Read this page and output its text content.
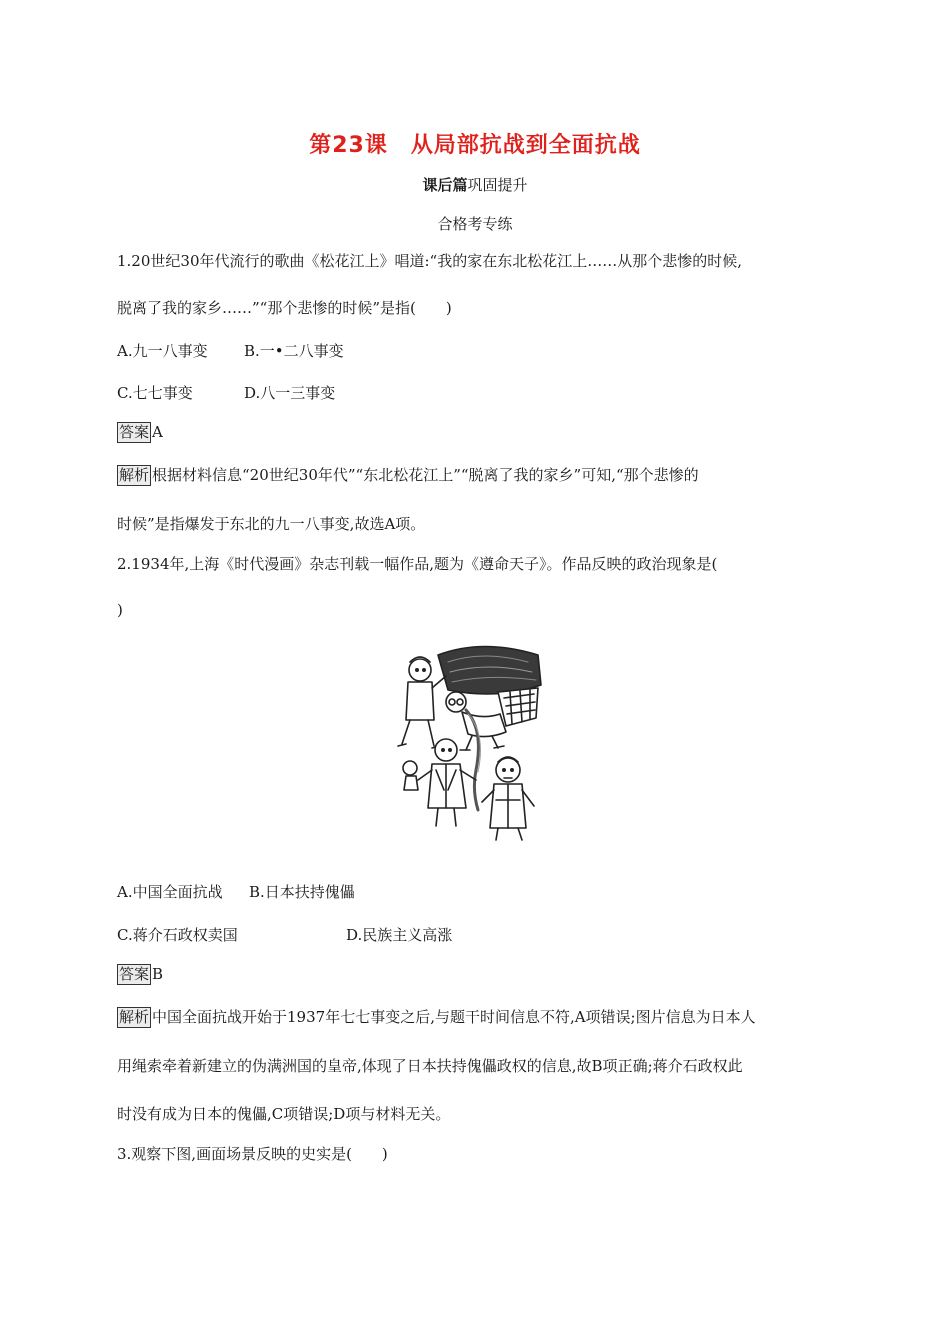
第23课　从局部抗战到全面抗战
课后篇巩固提升
合格考专练
1.20世纪30年代流行的歌曲《松花江上》唱道:“我的家在东北松花江上……从那个悲惨的时候,
脱离了我的家乡……”“那个悲惨的时候”是指(　　)
A.九一八事变 B.一•二八事变
C.七七事变	D.八一三事变
答案 A
解析 根据材料信息“20世纪30年代”“东北松花江上”“脱离了我的家乡”可知,“那个悲惨的
时候”是指爆发于东北的九一八事变,故选A项。
2.1934年,上海《时代漫画》杂志刊载一幅作品,题为《遵命天子》。作品反映的政治现象是(
)
A.中国全面抗战 B.日本扶持傀儡
C.蒋介石政权卖国	D.民族主义高涨
答案 B
解析 中国全面抗战开始于1937年七七事变之后,与题干时间信息不符,A项错误;图片信息为日本人
用绳索牵着新建立的伪满洲国的皇帝,体现了日本扶持傀儡政权的信息,故B项正确;蒋介石政权此
时没有成为日本的傀儡,C项错误;D项与材料无关。
3.观察下图,画面场景反映的史实是(　　)
